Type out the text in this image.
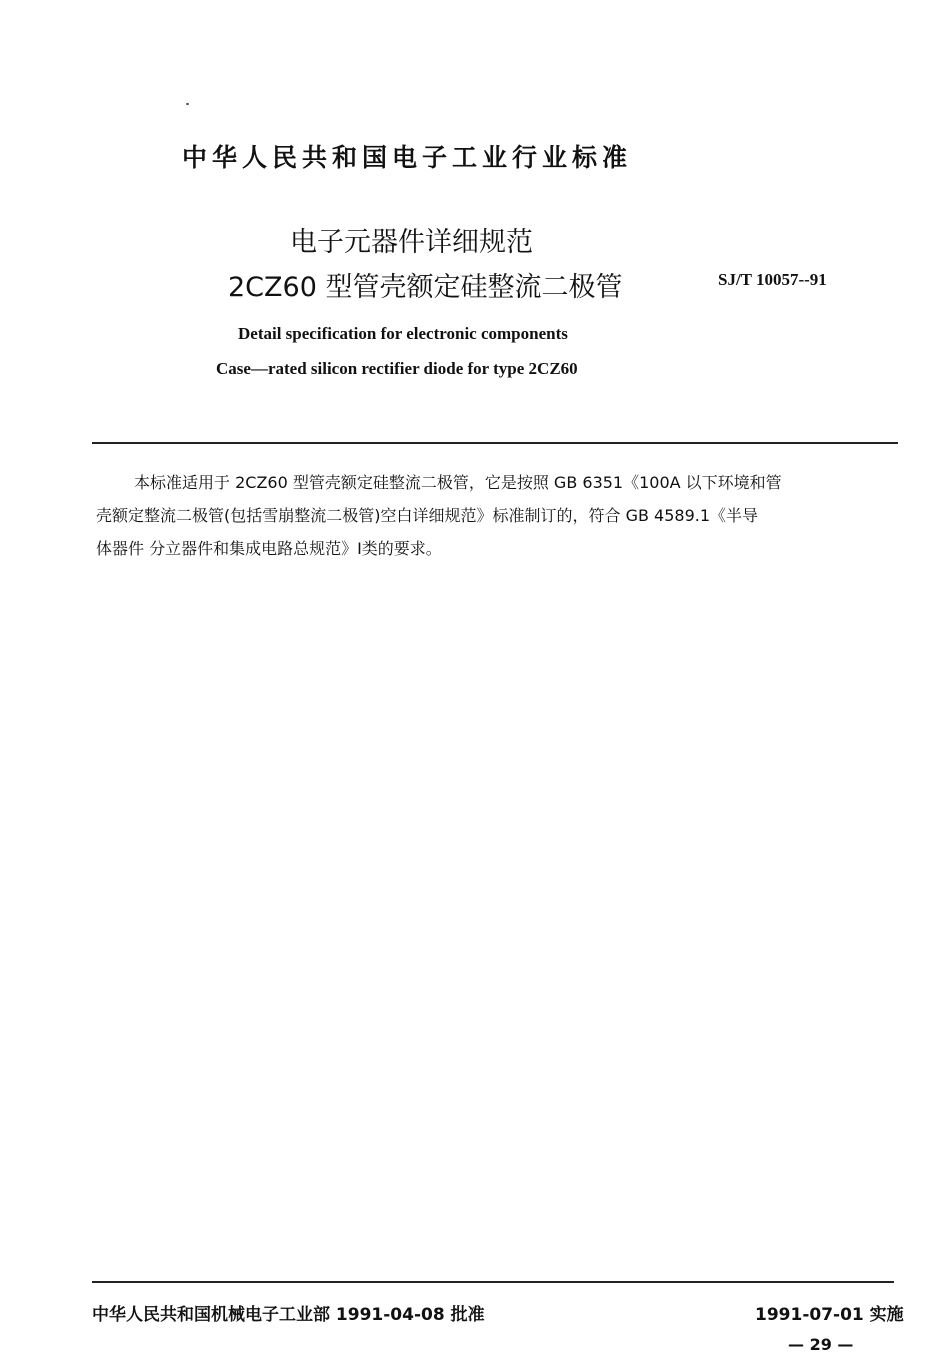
中华人民共和国电子工业行业标准
电子元器件详细规范
2CZ60 型管壳额定硅整流二极管	SJ/T 10057--91
Detail specification for electronic components
Case—rated silicon rectifier diode for type 2CZ60

本标准适用于 2CZ60 型管壳额定硅整流二极管，它是按照 GB 6351《100A 以下环境和管

壳额定整流二极管(包括雪崩整流二极管)空白详细规范》标准制订的，符合 GB 4589.1《半导

体器件 分立器件和集成电路总规范》Ⅰ类的要求。

中华人民共和国机械电子工业部 1991-04-08 批准	1991-07-01 实施
— 29 —
